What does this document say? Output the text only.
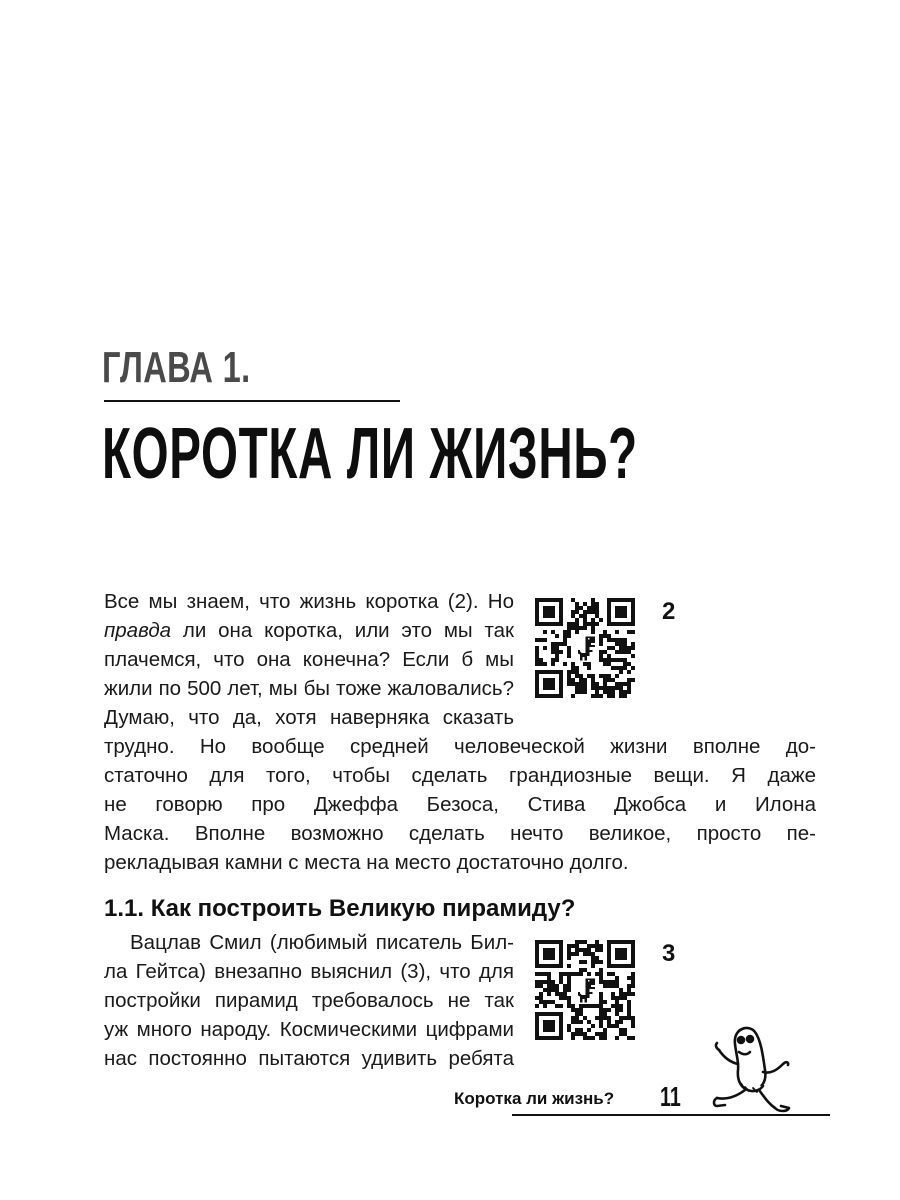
ГЛАВА 1.
КОРОТКА ЛИ ЖИЗНЬ?
Все мы знаем, что жизнь коротка (2). Но
правда ли она коротка, или это мы так
плачемся, что она конечна? Если б мы
жили по 500 лет, мы бы тоже жаловались?
Думаю, что да, хотя наверняка сказать
трудно. Но вообще средней человеческой жизни вполне до-
статочно для того, чтобы сделать грандиозные вещи. Я даже
не говорю про Джеффа Безоса, Стива Джобса и Илона
Маска. Вполне возможно сделать нечто великое, просто пе-
рекладывая камни с места на место достаточно долго.
1.1. Как построить Великую пирамиду?
Вацлав Смил (любимый писатель Бил-
ла Гейтса) внезапно выяснил (3), что для
постройки пирамид требовалось не так
уж много народу. Космическими цифрами
нас постоянно пытаются удивить ребята
2
3
Коротка ли жизнь? 11
